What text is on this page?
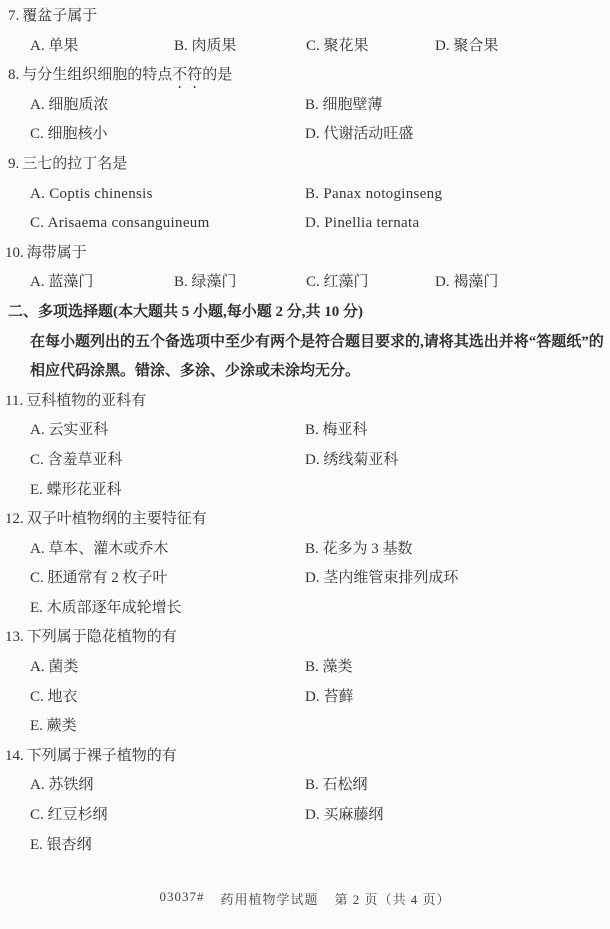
7. 覆盆子属于
A. 单果	B. 肉质果	C. 聚花果	D. 聚合果
8. 与分生组织细胞的特点不符的是
A. 细胞质浓	B. 细胞壁薄
C. 细胞核小	D. 代谢活动旺盛
9. 三七的拉丁名是
A. Coptis chinensis	B. Panax notoginseng
C. Arisaema consanguineum	D. Pinellia ternata
10. 海带属于
A. 蓝藻门	B. 绿藻门	C. 红藻门	D. 褐藻门
二、多项选择题(本大题共 5 小题,每小题 2 分,共 10 分)
在每小题列出的五个备选项中至少有两个是符合题目要求的,请将其选出并将“答题纸”的
相应代码涂黑。错涂、多涂、少涂或未涂均无分。
11. 豆科植物的亚科有
A. 云实亚科	B. 梅亚科
C. 含羞草亚科	D. 绣线菊亚科
E. 蝶形花亚科
12. 双子叶植物纲的主要特征有
A. 草本、灌木或乔木	B. 花多为 3 基数
C. 胚通常有 2 枚子叶	D. 茎内维管束排列成环
E. 木质部逐年成轮增长
13. 下列属于隐花植物的有
A. 菌类	B. 藻类
C. 地衣	D. 苔藓
E. 蕨类
14. 下列属于裸子植物的有
A. 苏铁纲	B. 石松纲
C. 红豆杉纲	D. 买麻藤纲
E. 银杏纲
03037# 药用植物学试题 第 2 页（共 4 页）
